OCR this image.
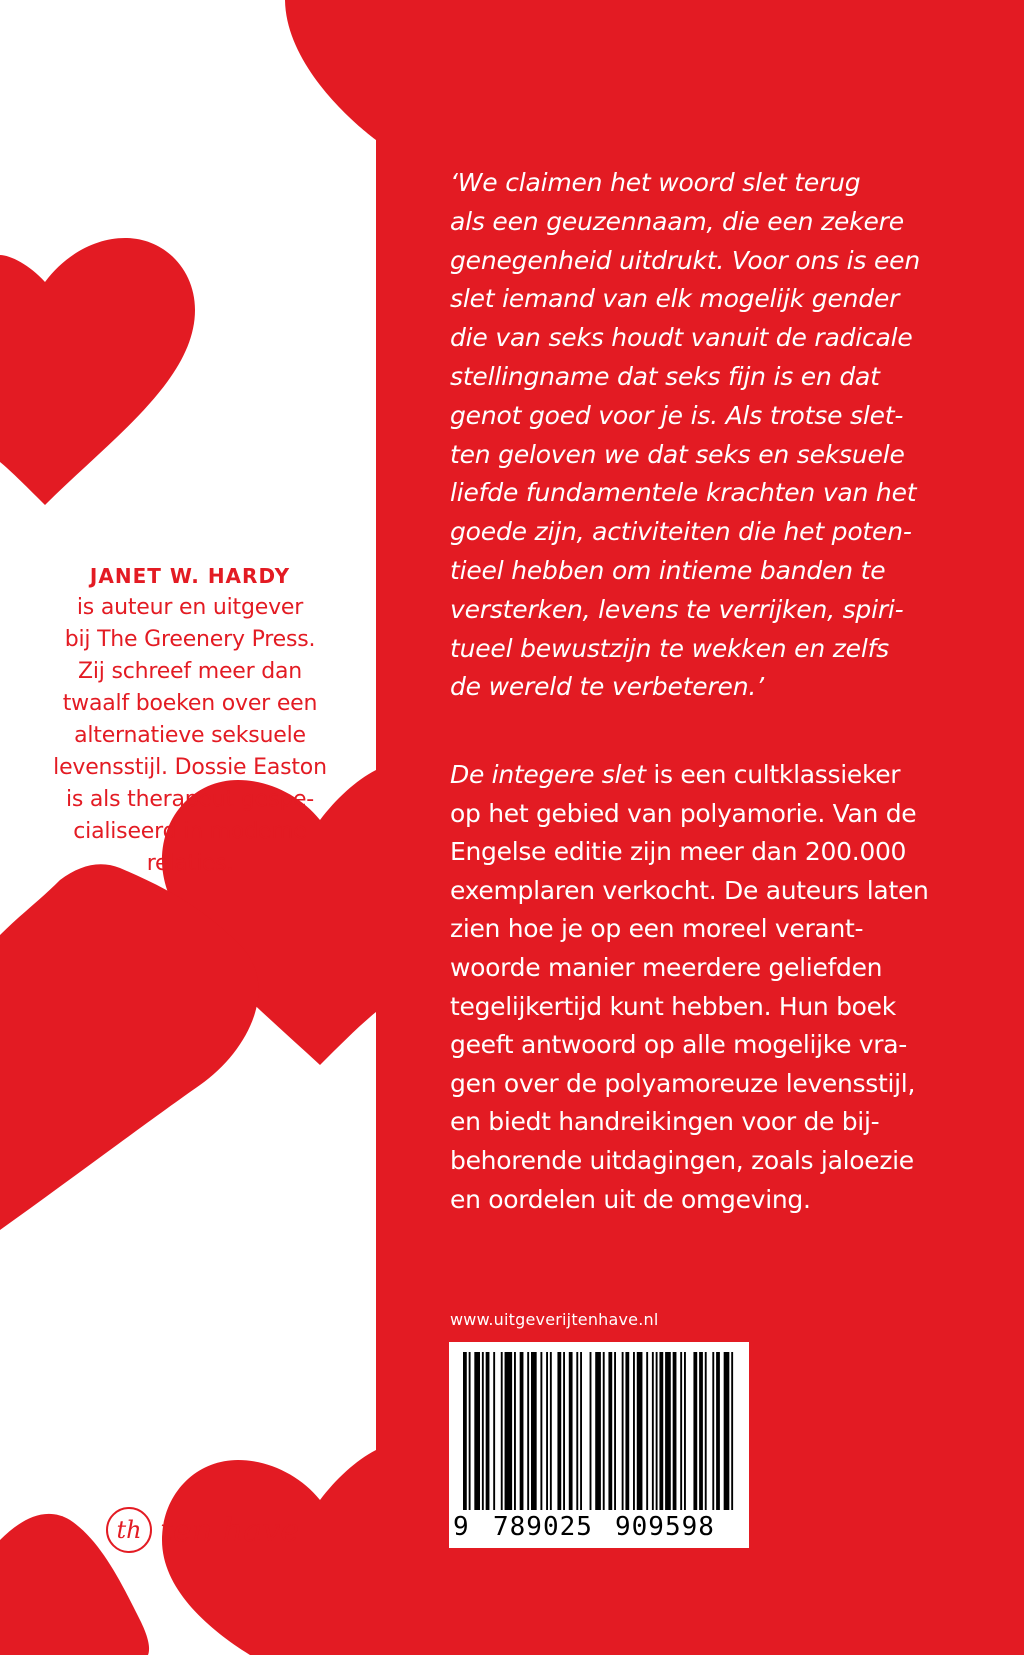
JANET W. HARDY
is auteur en uitgever
bij The Greenery Press.
Zij schreef meer dan
twaalf boeken over een
alternatieve seksuele
levensstijl. Dossie Easton
is als therapeut gespe-
cialiseerd in moderne
relaties.

‘We claimen het woord slet terug
als een geuzennaam, die een zekere
genegenheid uitdrukt. Voor ons is een
slet iemand van elk mogelijk gender
die van seks houdt vanuit de radicale
stellingname dat seks fijn is en dat
genot goed voor je is. Als trotse slet-
ten geloven we dat seks en seksuele
liefde fundamentele krachten van het
goede zijn, activiteiten die het poten-
tieel hebben om intieme banden te
versterken, levens te verrijken, spiri-
tueel bewustzijn te wekken en zelfs
de wereld te verbeteren.’

De integere slet is een cultklassieker
op het gebied van polyamorie. Van de
Engelse editie zijn meer dan 200.000
exemplaren verkocht. De auteurs laten
zien hoe je op een moreel verant-
woorde manier meerdere geliefden
tegelijkertijd kunt hebben. Hun boek
geeft antwoord op alle mogelijke vra-
gen over de polyamoreuze levensstijl,
en biedt handreikingen voor de bij-
behorende uitdagingen, zoals jaloezie
en oordelen uit de omgeving.

www.uitgeverijtenhave.nl
9 789025 909598
th ten have
